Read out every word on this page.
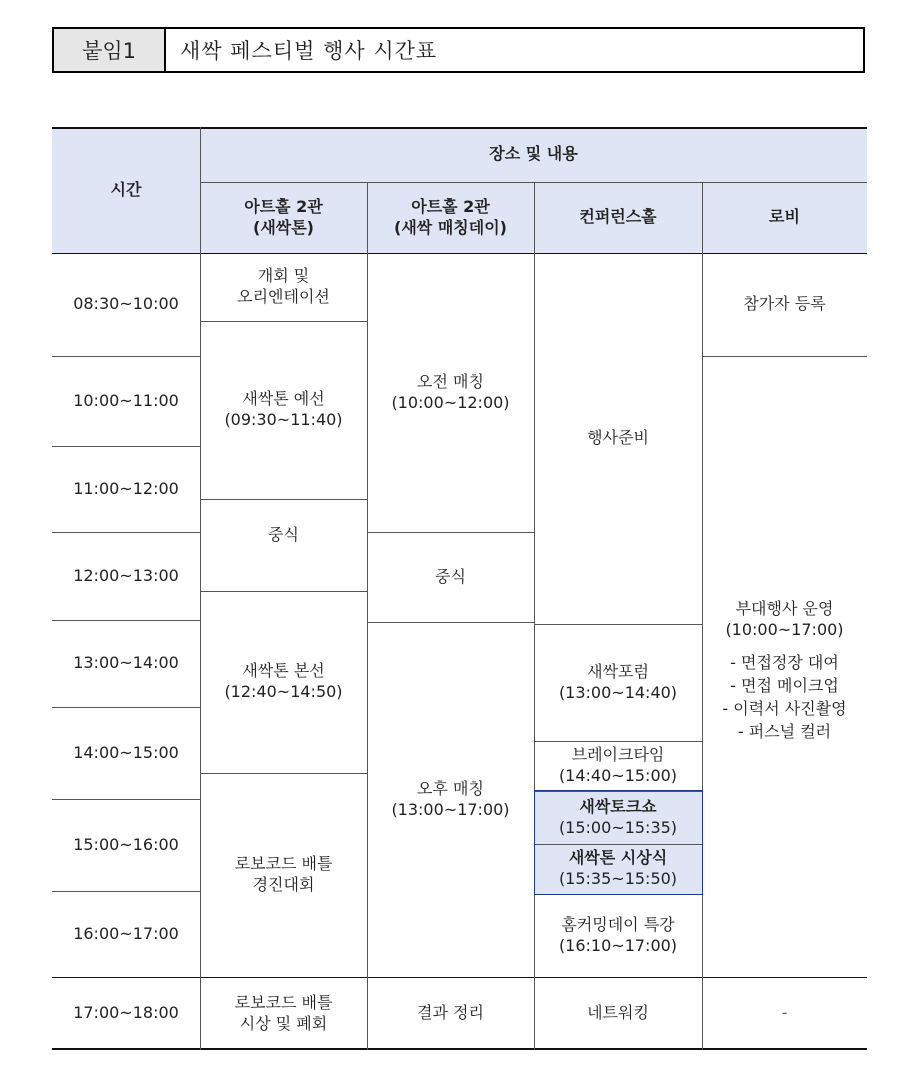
붙임1	새싹 페스티벌 행사 시간표
시간
장소 및 내용
아트홀 2관
(새싹톤)
아트홀 2관
(새싹 매칭데이)
컨퍼런스홀	로비
08:30~10:00
10:00~11:00
11:00~12:00
12:00~13:00
13:00~14:00
14:00~15:00
15:00~16:00
16:00~17:00
17:00~18:00
개회 및
오리엔테이션
새싹톤 예선
(09:30~11:40)
중식
새싹톤 본선
(12:40~14:50)
로보코드 배틀
경진대회
로보코드 배틀
시상 및 폐회
오전 매칭
(10:00~12:00)
중식
오후 매칭
(13:00~17:00)
결과 정리
행사준비
새싹포럼
(13:00~14:40)
브레이크타임
(14:40~15:00)
새싹토크쇼
(15:00~15:35)
새싹톤 시상식
(15:35~15:50)
홈커밍데이 특강
(16:10~17:00)
네트워킹
참가자 등록
부대행사 운영
(10:00~17:00)
- 면접정장 대여
- 면접 메이크업
- 이력서 사진촬영
- 퍼스널 컬러
-
